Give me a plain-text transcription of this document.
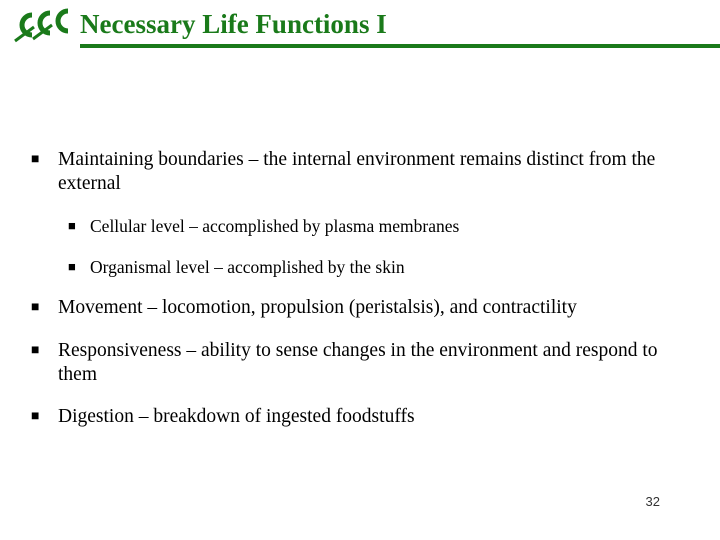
Necessary Life Functions I
■ Maintaining boundaries – the internal environment remains distinct from the external
■ Cellular level – accomplished by plasma membranes
■ Organismal level – accomplished by the skin
■ Movement – locomotion, propulsion (peristalsis), and contractility
■ Responsiveness – ability to sense changes in the environment and respond to them
■ Digestion – breakdown of ingested foodstuffs
32
